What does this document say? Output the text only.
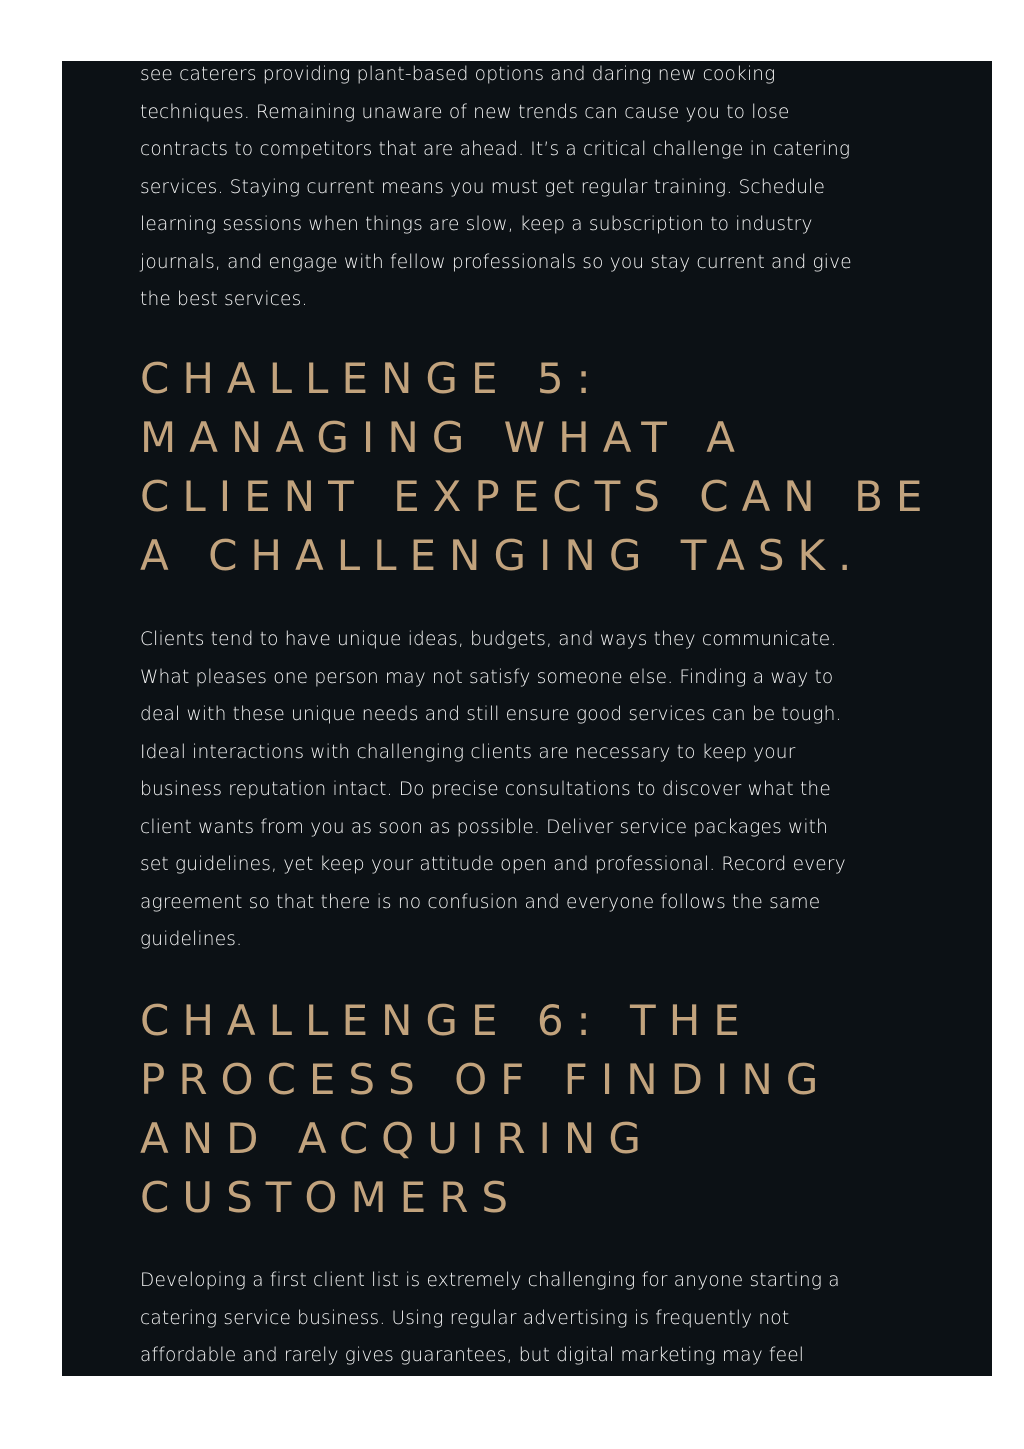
see caterers providing plant-based options and daring new cooking
techniques. Remaining unaware of new trends can cause you to lose
contracts to competitors that are ahead. It’s a critical challenge in catering
services. Staying current means you must get regular training. Schedule
learning sessions when things are slow, keep a subscription to industry
journals, and engage with fellow professionals so you stay current and give
the best services.

CHALLENGE 5:
MANAGING WHAT A
CLIENT EXPECTS CAN BE
A CHALLENGING TASK.

Clients tend to have unique ideas, budgets, and ways they communicate.
What pleases one person may not satisfy someone else. Finding a way to
deal with these unique needs and still ensure good services can be tough.
Ideal interactions with challenging clients are necessary to keep your
business reputation intact. Do precise consultations to discover what the
client wants from you as soon as possible. Deliver service packages with
set guidelines, yet keep your attitude open and professional. Record every
agreement so that there is no confusion and everyone follows the same
guidelines.

CHALLENGE 6: THE
PROCESS OF FINDING
AND ACQUIRING
CUSTOMERS

Developing a first client list is extremely challenging for anyone starting a
catering service business. Using regular advertising is frequently not
affordable and rarely gives guarantees, but digital marketing may feel
